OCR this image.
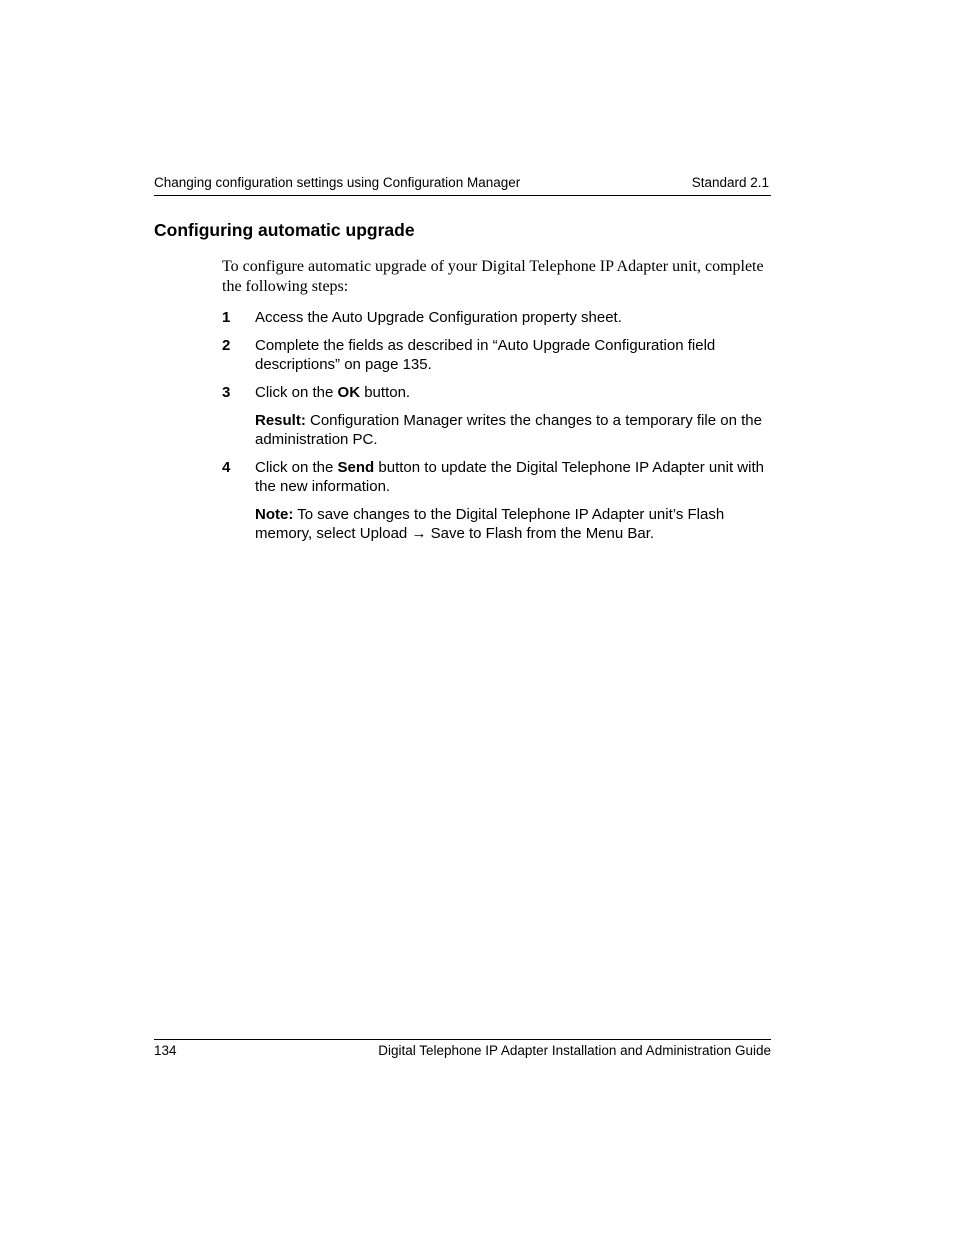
Changing configuration settings using Configuration Manager	Standard 2.1
Configuring automatic upgrade

To configure automatic upgrade of your Digital Telephone IP Adapter unit, complete the following steps:

1 Access the Auto Upgrade Configuration property sheet.
2 Complete the fields as described in “Auto Upgrade Configuration field descriptions” on page 135.
3 Click on the OK button.
Result: Configuration Manager writes the changes to a temporary file on the administration PC.
4 Click on the Send button to update the Digital Telephone IP Adapter unit with the new information.
Note: To save changes to the Digital Telephone IP Adapter unit’s Flash memory, select Upload → Save to Flash from the Menu Bar.
134	Digital Telephone IP Adapter Installation and Administration Guide
